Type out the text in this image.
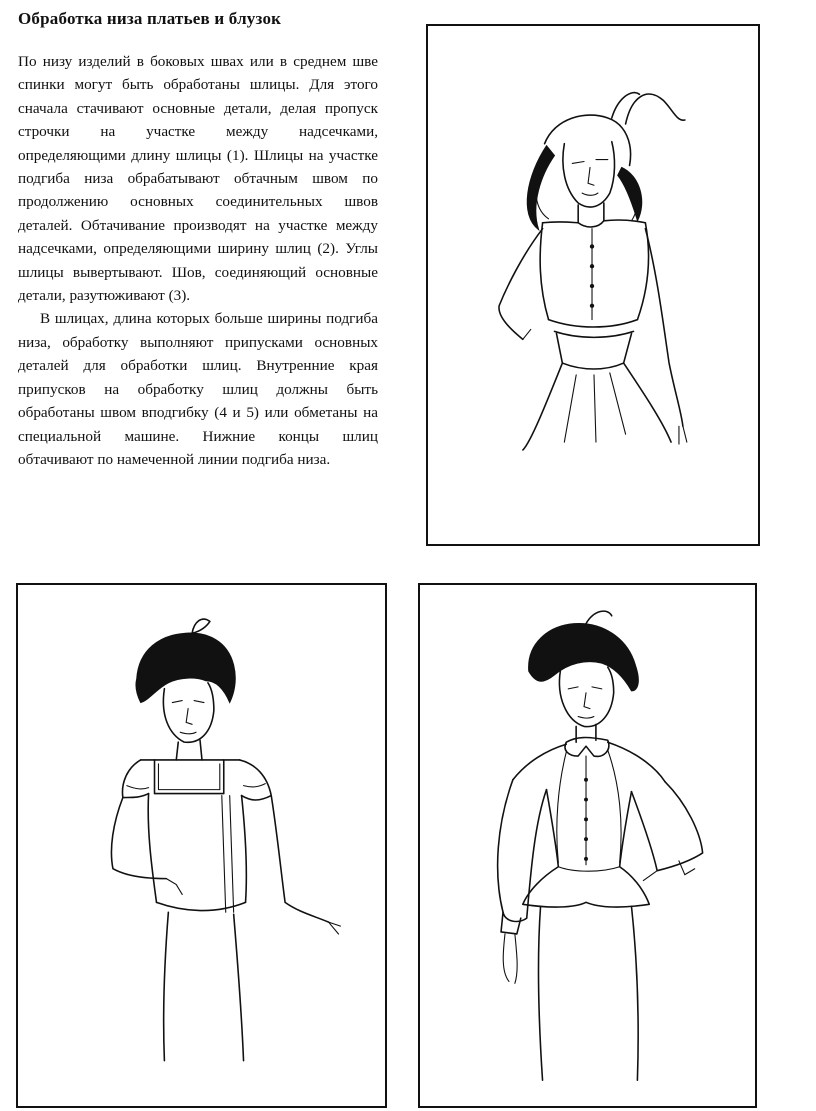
Обработка низа платьев и блузок

По низу изделий в боковых швах или в среднем шве спинки могут быть обработаны шлицы. Для этого сначала стачивают основные детали, делая пропуск строчки на участке между надсечками, определяющими длину шлицы (1). Шлицы на участке подгиба низа обрабатывают обтачным швом по продолжению основных соединительных швов деталей. Обтачивание производят на участке между надсечками, определяющими ширину шлиц (2). Углы шлицы вывертывают. Шов, соединяющий основные детали, разутюживают (3).

В шлицах, длина которых больше ширины подгиба низа, обработку выполняют припусками основных деталей для обработки шлиц. Внутренние края припусков на обработку шлиц должны быть обработаны швом вподгибку (4 и 5) или обметаны на специальной машине. Нижние концы шлиц обтачивают по намеченной линии подгиба низа.
